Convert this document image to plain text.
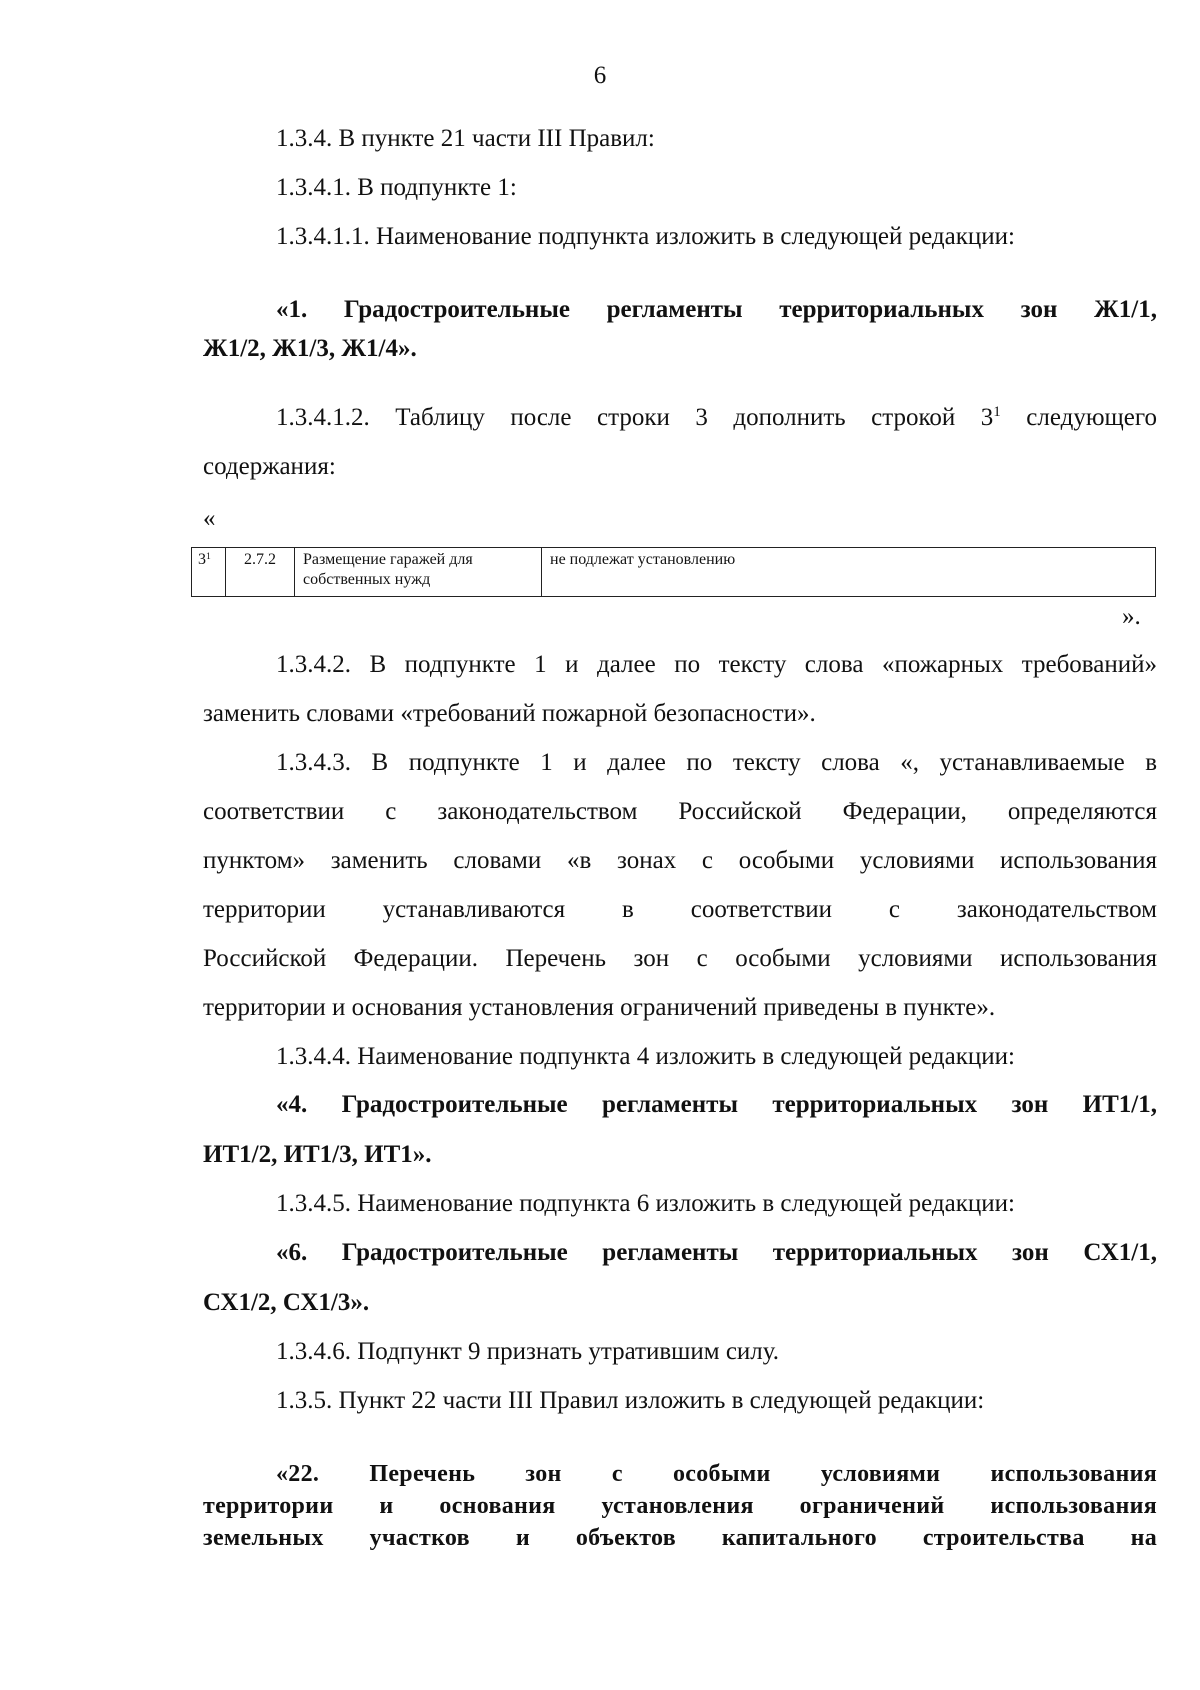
6
1.3.4. В пункте 21 части III Правил:
1.3.4.1. В подпункте 1:
1.3.4.1.1. Наименование подпункта изложить в следующей редакции:
«1. Градостроительные регламенты территориальных зон Ж1/1,
Ж1/2, Ж1/3, Ж1/4».
1.3.4.1.2. Таблицу после строки 3 дополнить строкой $3^1$ следующего
содержания:
«
$3^1$	2.7.2	Размещение гаражей для собственных нужд	не подлежат установлению
».
1.3.4.2. В подпункте 1 и далее по тексту слова «пожарных требований»
заменить словами «требований пожарной безопасности».
1.3.4.3. В подпункте 1 и далее по тексту слова «, устанавливаемые в
соответствии с законодательством Российской Федерации, определяются
пунктом» заменить словами «в зонах с особыми условиями использования
территории устанавливаются в соответствии с законодательством
Российской Федерации. Перечень зон с особыми условиями использования
территории и основания установления ограничений приведены в пункте».
1.3.4.4. Наименование подпункта 4 изложить в следующей редакции:
«4. Градостроительные регламенты территориальных зон ИТ1/1,
ИТ1/2, ИТ1/3, ИТ1».
1.3.4.5. Наименование подпункта 6 изложить в следующей редакции:
«6. Градостроительные регламенты территориальных зон СХ1/1,
СХ1/2, СХ1/3».
1.3.4.6. Подпункт 9 признать утратившим силу.
1.3.5. Пункт 22 части III Правил изложить в следующей редакции:
«22. Перечень зон с особыми условиями использования
территории и основания установления ограничений использования
земельных участков и объектов капитального строительства на
